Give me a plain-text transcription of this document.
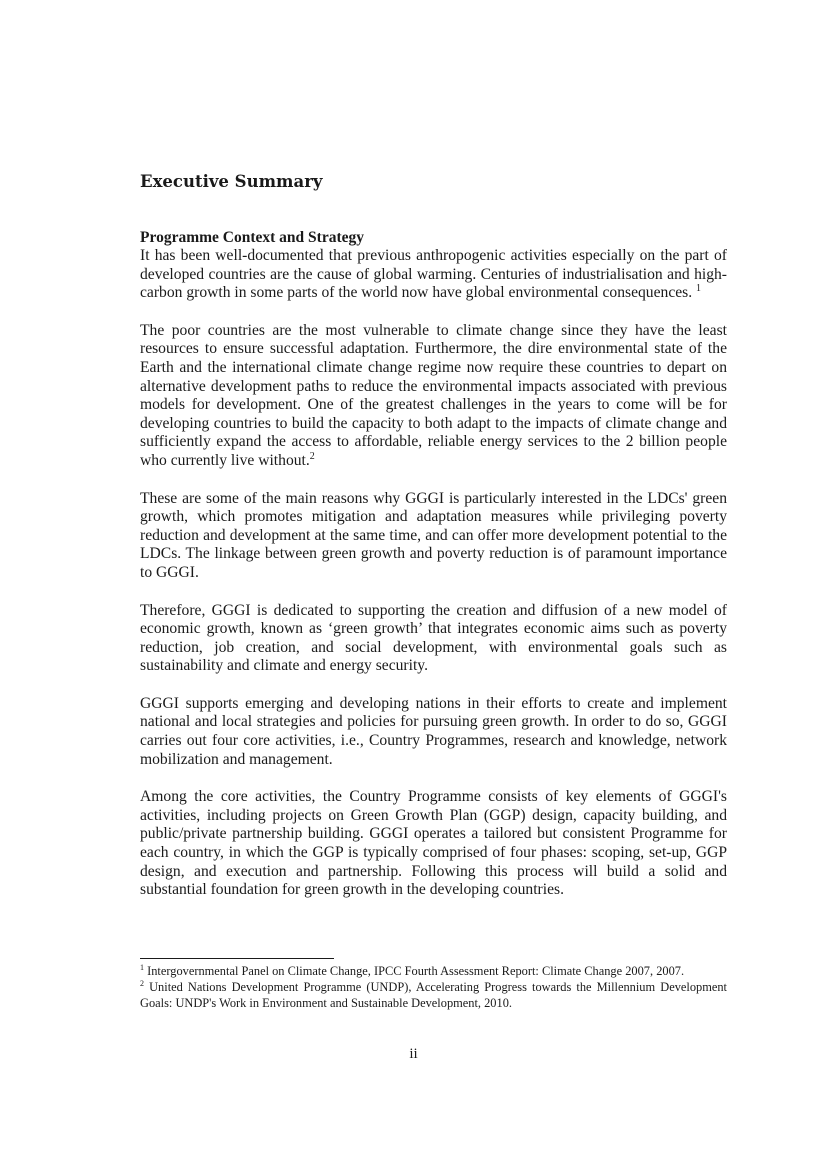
Executive Summary
Programme Context and Strategy

It has been well-documented that previous anthropogenic activities especially on the part of developed countries are the cause of global warming. Centuries of industrialisation and high-carbon growth in some parts of the world now have global environmental consequences. $^1$

The poor countries are the most vulnerable to climate change since they have the least resources to ensure successful adaptation. Furthermore, the dire environmental state of the Earth and the international climate change regime now require these countries to depart on alternative development paths to reduce the environmental impacts associated with previous models for development. One of the greatest challenges in the years to come will be for developing countries to build the capacity to both adapt to the impacts of climate change and sufficiently expand the access to affordable, reliable energy services to the 2 billion people who currently live without.$^2$

These are some of the main reasons why GGGI is particularly interested in the LDCs' green growth, which promotes mitigation and adaptation measures while privileging poverty reduction and development at the same time, and can offer more development potential to the LDCs. The linkage between green growth and poverty reduction is of paramount importance to GGGI.

Therefore, GGGI is dedicated to supporting the creation and diffusion of a new model of economic growth, known as ‘green growth’ that integrates economic aims such as poverty reduction, job creation, and social development, with environmental goals such as sustainability and climate and energy security.

GGGI supports emerging and developing nations in their efforts to create and implement national and local strategies and policies for pursuing green growth. In order to do so, GGGI carries out four core activities, i.e., Country Programmes, research and knowledge, network mobilization and management.

Among the core activities, the Country Programme consists of key elements of GGGI's activities, including projects on Green Growth Plan (GGP) design, capacity building, and public/private partnership building. GGGI operates a tailored but consistent Programme for each country, in which the GGP is typically comprised of four phases: scoping, set-up, GGP design, and execution and partnership. Following this process will build a solid and substantial foundation for green growth in the developing countries.

$^1$ Intergovernmental Panel on Climate Change, IPCC Fourth Assessment Report: Climate Change 2007, 2007.

$^2$ United Nations Development Programme (UNDP), Accelerating Progress towards the Millennium Development Goals: UNDP's Work in Environment and Sustainable Development, 2010.

ii
